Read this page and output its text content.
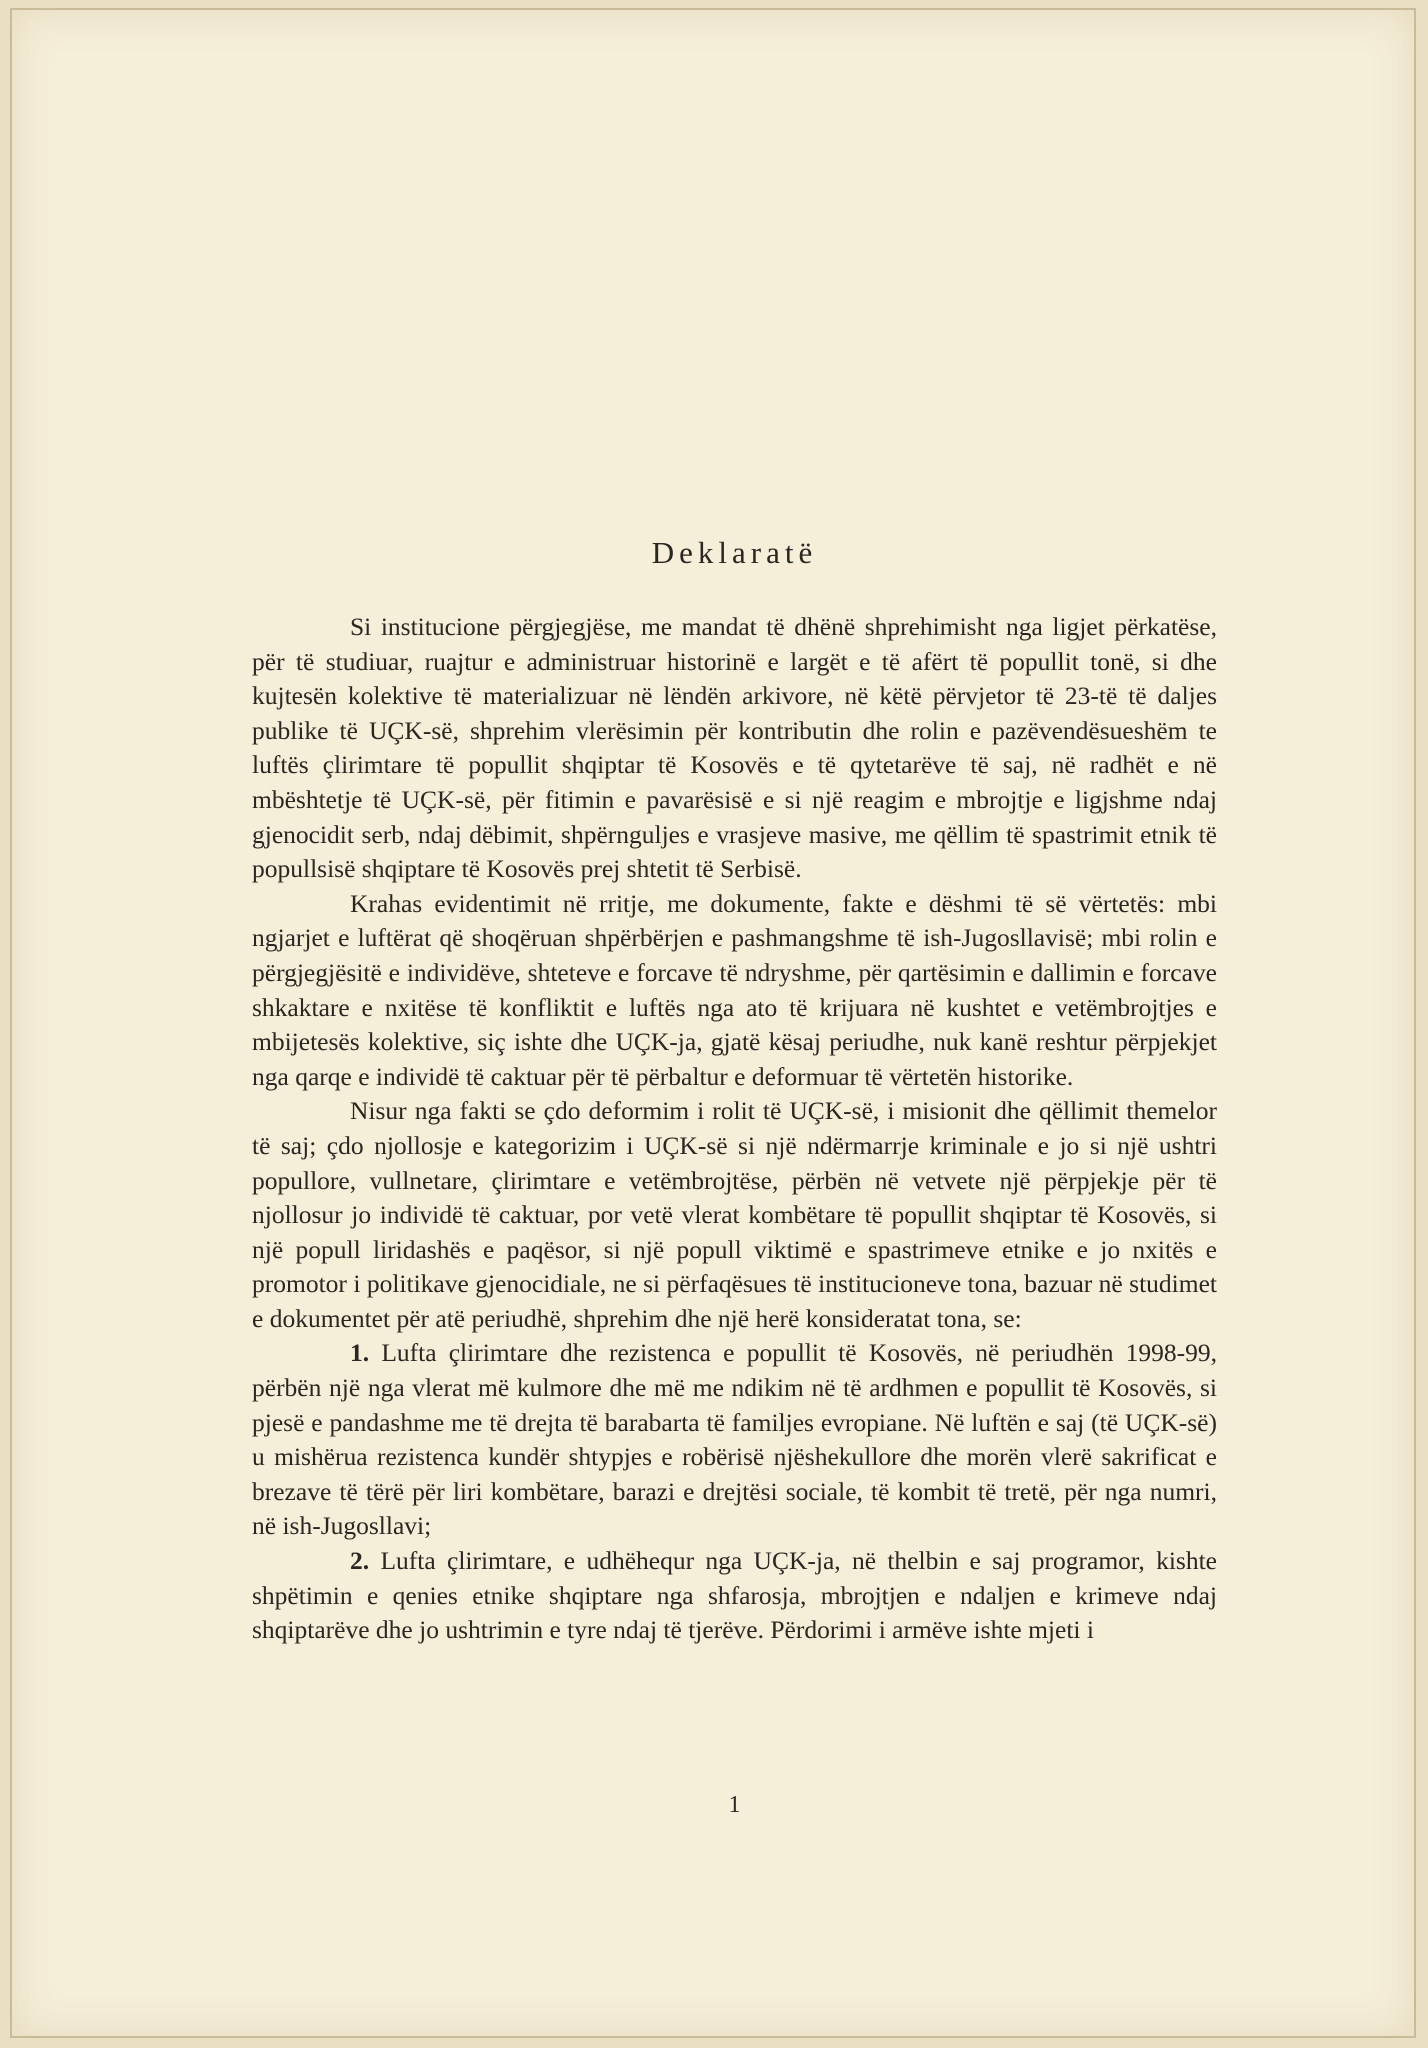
Deklaratë

Si institucione përgjegjëse, me mandat të dhënë shprehimisht nga ligjet përkatëse, për të studiuar, ruajtur e administruar historinë e largët e të afërt të popullit tonë, si dhe kujtesën kolektive të materializuar në lëndën arkivore, në këtë përvjetor të 23-të të daljes publike të UÇK-së, shprehim vlerësimin për kontributin dhe rolin e pazëvendësueshëm te luftës çlirimtare të popullit shqiptar të Kosovës e të qytetarëve të saj, në radhët e në mbështetje të UÇK-së, për fitimin e pavarësisë e si një reagim e mbrojtje e ligjshme ndaj gjenocidit serb, ndaj dëbimit, shpërnguljes e vrasjeve masive, me qëllim të spastrimit etnik të popullsisë shqiptare të Kosovës prej shtetit të Serbisë.

Krahas evidentimit në rritje, me dokumente, fakte e dëshmi të së vërtetës: mbi ngjarjet e luftërat që shoqëruan shpërbërjen e pashmangshme të ish-Jugosllavisë; mbi rolin e përgjegjësitë e individëve, shteteve e forcave të ndryshme, për qartësimin e dallimin e forcave shkaktare e nxitëse të konfliktit e luftës nga ato të krijuara në kushtet e vetëmbrojtjes e mbijetesës kolektive, siç ishte dhe UÇK-ja, gjatë kësaj periudhe, nuk kanë reshtur përpjekjet nga qarqe e individë të caktuar për të përbaltur e deformuar të vërtetën historike.

Nisur nga fakti se çdo deformim i rolit të UÇK-së, i misionit dhe qëllimit themelor të saj; çdo njollosje e kategorizim i UÇK-së si një ndërmarrje kriminale e jo si një ushtri popullore, vullnetare, çlirimtare e vetëmbrojtëse, përbën në vetvete një përpjekje për të njollosur jo individë të caktuar, por vetë vlerat kombëtare të popullit shqiptar të Kosovës, si një popull liridashës e paqësor, si një popull viktimë e spastrimeve etnike e jo nxitës e promotor i politikave gjenocidiale, ne si përfaqësues të institucioneve tona, bazuar në studimet e dokumentet për atë periudhë, shprehim dhe një herë konsideratat tona, se:

1. Lufta çlirimtare dhe rezistenca e popullit të Kosovës, në periudhën 1998-99, përbën një nga vlerat më kulmore dhe më me ndikim në të ardhmen e popullit të Kosovës, si pjesë e pandashme me të drejta të barabarta të familjes evropiane. Në luftën e saj (të UÇK-së) u mishërua rezistenca kundër shtypjes e robërisë njëshekullore dhe morën vlerë sakrificat e brezave të tërë për liri kombëtare, barazi e drejtësi sociale, të kombit të tretë, për nga numri, në ish-Jugosllavi;

2. Lufta çlirimtare, e udhëhequr nga UÇK-ja, në thelbin e saj programor, kishte shpëtimin e qenies etnike shqiptare nga shfarosja, mbrojtjen e ndaljen e krimeve ndaj shqiptarëve dhe jo ushtrimin e tyre ndaj të tjerëve. Përdorimi i armëve ishte mjeti i

1
